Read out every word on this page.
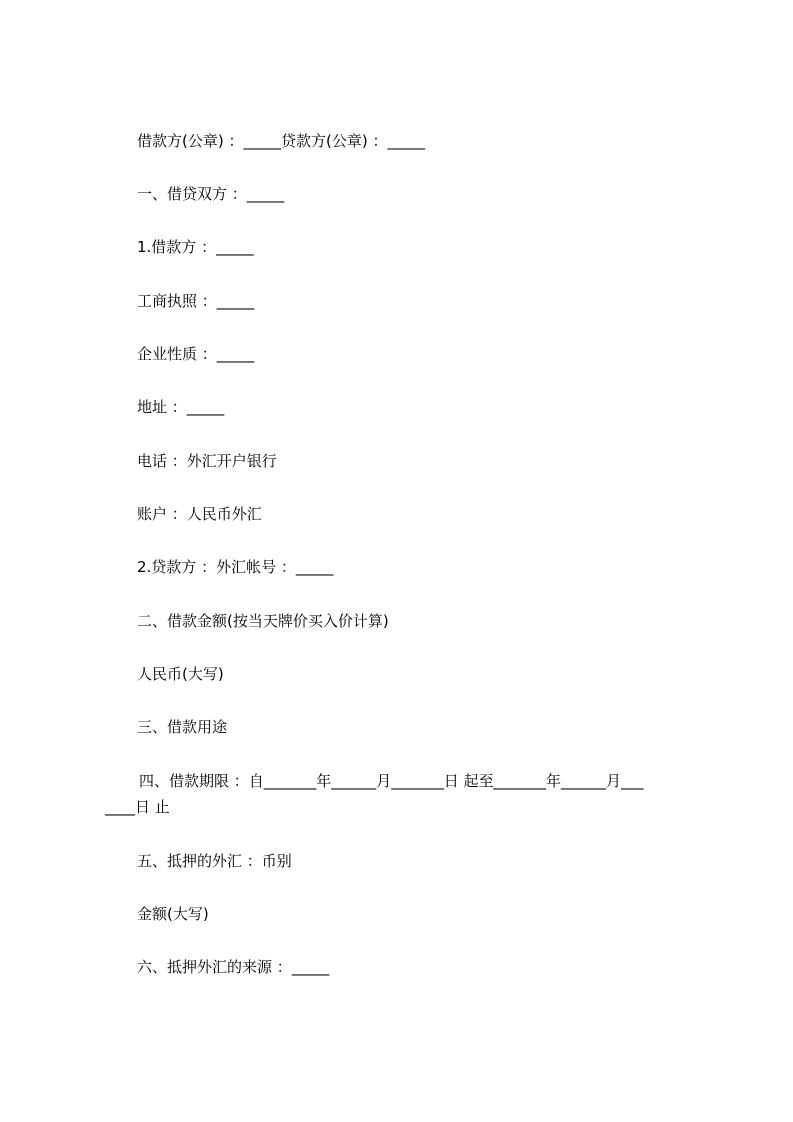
借款方(公章) ：_____贷款方(公章) ：_____
一、借贷双方 ：_____
1.借款方 ：_____
工商执照 ：_____
企业性质 ：_____
地址 ：_____
电话 ：外汇开户银行
账户 ：人民币外汇
2.贷款方 ：外汇帐号 ：_____
二、借款金额(按当天牌价买入价计算)
人民币(大写)
三、借款用途
四、借款期限 ：自_______年______月_______日 起至_______年______月___
____日 止
五、抵押的外汇 ：币别
金额(大写)
六、抵押外汇的来源 ：_____
